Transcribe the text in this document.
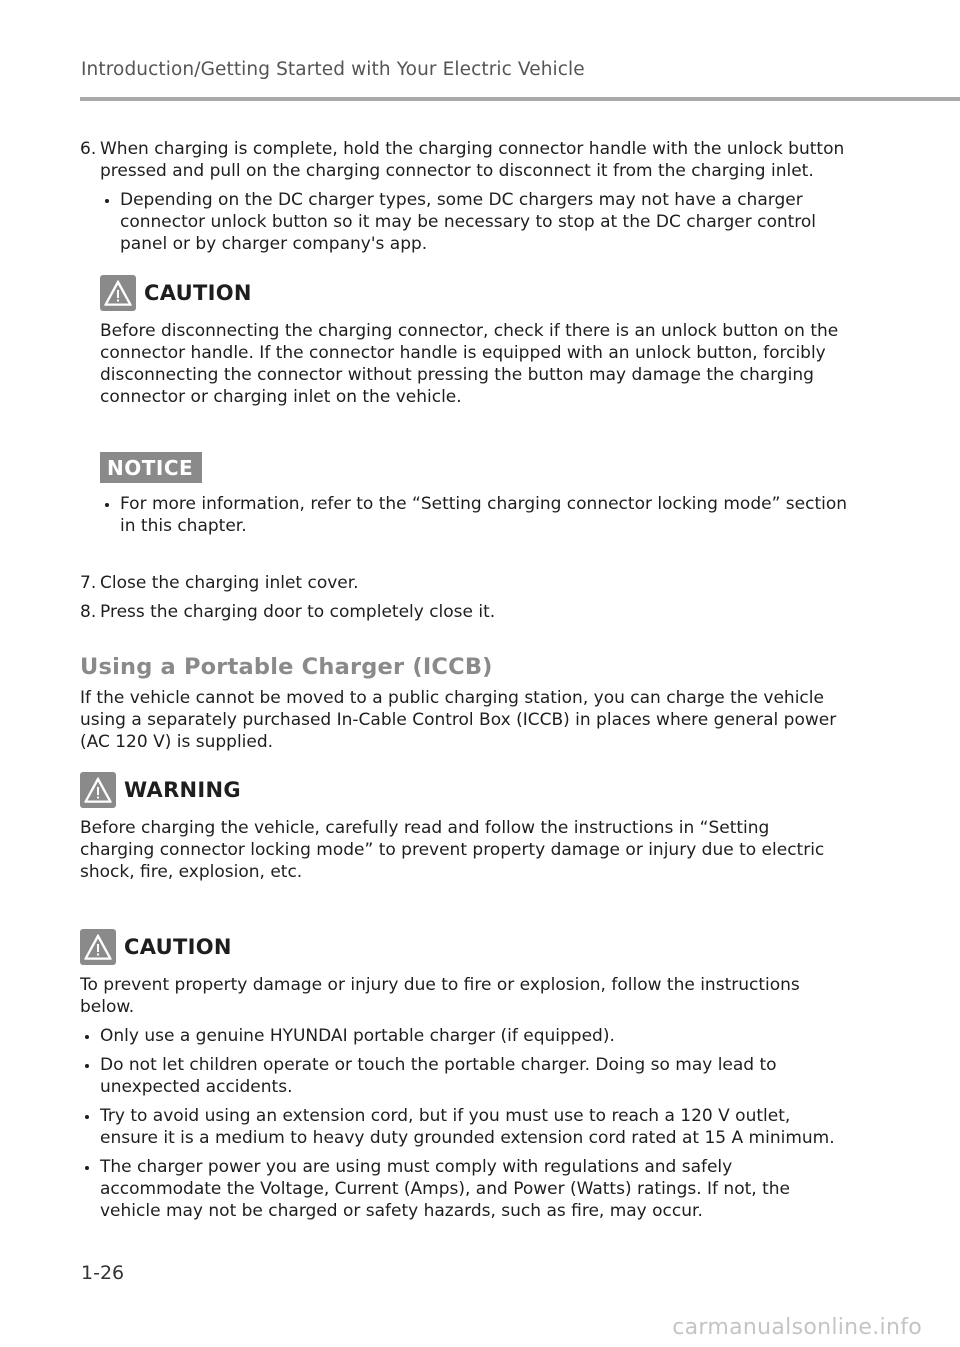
Introduction/Getting Started with Your Electric Vehicle
6. When charging is complete, hold the charging connector handle with the unlock button pressed and pull on the charging connector to disconnect it from the charging inlet.
Depending on the DC charger types, some DC chargers may not have a charger connector unlock button so it may be necessary to stop at the DC charger control panel or by charger company's app.
CAUTION
Before disconnecting the charging connector, check if there is an unlock button on the connector handle. If the connector handle is equipped with an unlock button, forcibly disconnecting the connector without pressing the button may damage the charging connector or charging inlet on the vehicle.
NOTICE
For more information, refer to the “Setting charging connector locking mode” section in this chapter.
7. Close the charging inlet cover.
8. Press the charging door to completely close it.
Using a Portable Charger (ICCB)
If the vehicle cannot be moved to a public charging station, you can charge the vehicle using a separately purchased In-Cable Control Box (ICCB) in places where general power (AC 120 V) is supplied.
WARNING
Before charging the vehicle, carefully read and follow the instructions in “Setting charging connector locking mode” to prevent property damage or injury due to electric shock, fire, explosion, etc.
CAUTION
To prevent property damage or injury due to fire or explosion, follow the instructions below.
Only use a genuine HYUNDAI portable charger (if equipped).
Do not let children operate or touch the portable charger. Doing so may lead to unexpected accidents.
Try to avoid using an extension cord, but if you must use to reach a 120 V outlet, ensure it is a medium to heavy duty grounded extension cord rated at 15 A minimum.
The charger power you are using must comply with regulations and safely accommodate the Voltage, Current (Amps), and Power (Watts) ratings. If not, the vehicle may not be charged or safety hazards, such as fire, may occur.
1-26
carmanualsonline.info
